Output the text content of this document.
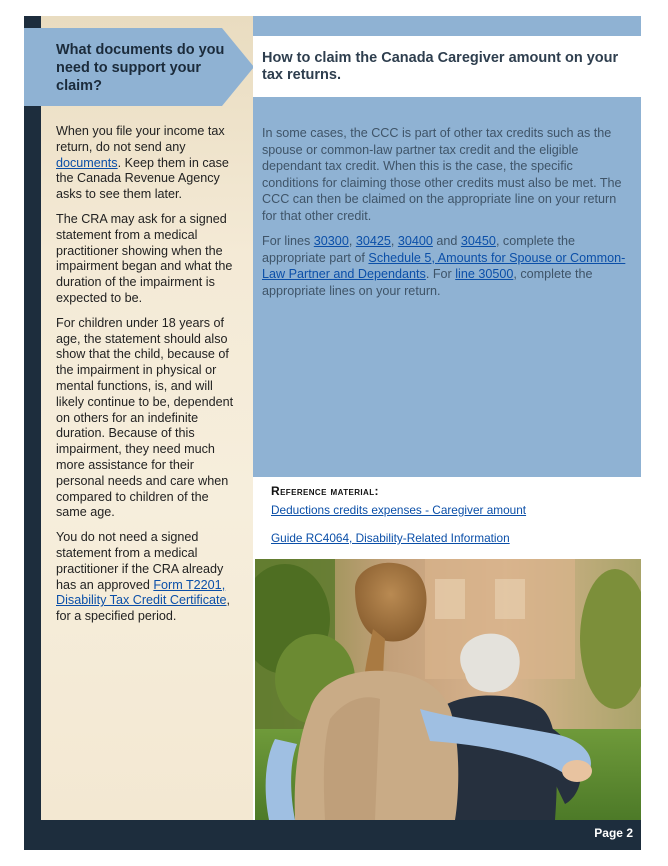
What documents do you need to support your claim?

When you file your income tax return, do not send any documents. Keep them in case the Canada Revenue Agency asks to see them later.

The CRA may ask for a signed statement from a medical practitioner showing when the impairment began and what the duration of the impairment is expected to be.

For children under 18 years of age, the statement should also show that the child, because of the impairment in physical or mental functions, is, and will likely continue to be, dependent on others for an indefinite duration. Because of this impairment, they need much more assistance for their personal needs and care when compared to children of the same age.

You do not need a signed statement from a medical practitioner if the CRA already has an approved Form T2201, Disability Tax Credit Certificate, for a specified period.

How to claim the Canada Caregiver amount on your tax returns.

In some cases, the CCC is part of other tax credits such as the spouse or common-law partner tax credit and the eligible dependant tax credit. When this is the case, the specific conditions for claiming those other credits must also be met. The CCC can then be claimed on the appropriate line on your return for that other credit.

For lines 30300, 30425, 30400 and 30450, complete the appropriate part of Schedule 5, Amounts for Spouse or Common-Law Partner and Dependants. For line 30500, complete the appropriate lines on your return.

Reference material:
Deductions credits expenses - Caregiver amount
Guide RC4064, Disability-Related Information
Page 2
